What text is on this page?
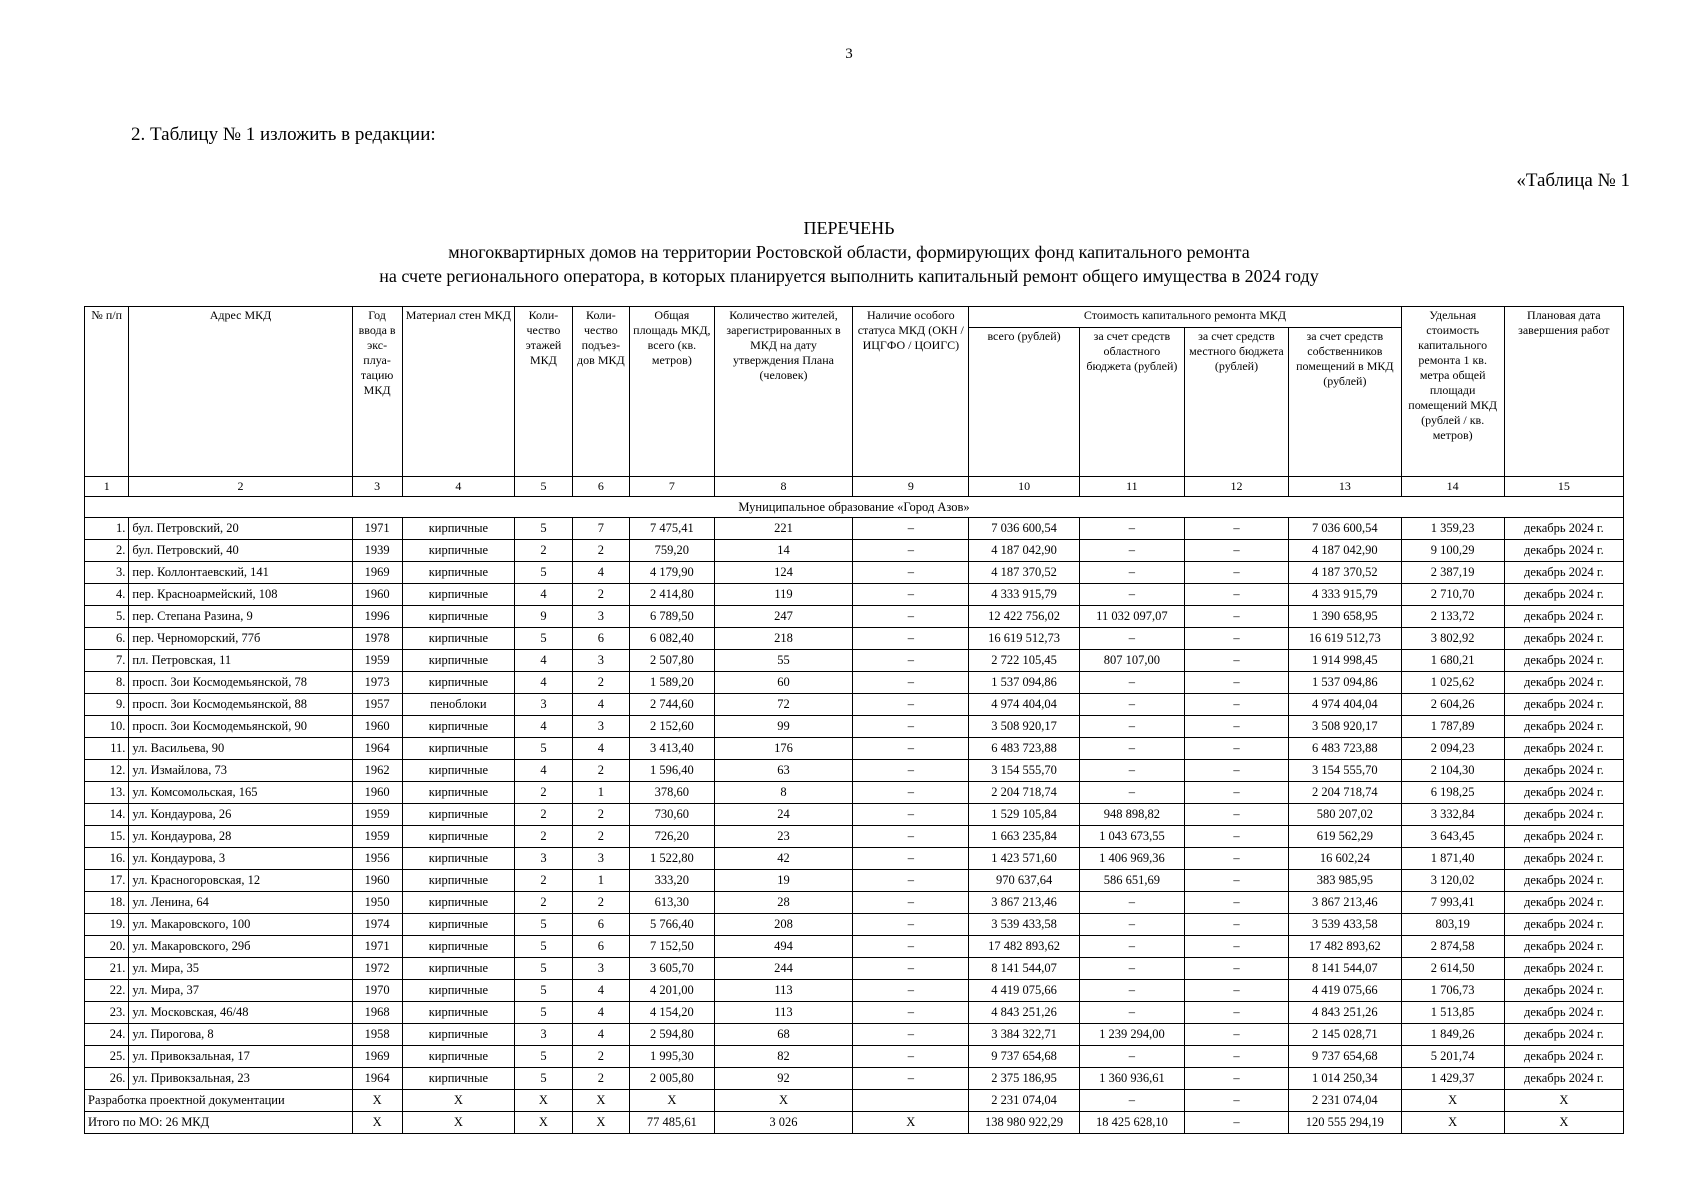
3
2. Таблицу № 1 изложить в редакции:
«Таблица № 1
ПЕРЕЧЕНЬ
многоквартирных домов на территории Ростовской области, формирующих фонд капитального ремонта
на счете регионального оператора, в которых планируется выполнить капитальный ремонт общего имущества в 2024 году
№ п/п	Адрес МКД	Год ввода в экс- плуа- тацию МКД	Материал стен МКД	Коли- чество этажей МКД	Коли- чество подъез- дов МКД	Общая площадь МКД, всего (кв. метров)	Количество жителей, зарегистрированных в МКД на дату утверждения Плана (человек)	Наличие особого статуса МКД (ОКН / ИЦГФО / ЦОИГС)	Стоимость капитального ремонта МКД				Удельная стоимость капитального ремонта 1 кв. метра общей площади помещений МКД (рублей / кв. метров)	Плановая дата завершения работ
									всего (рублей)	за счет средств областного бюджета (рублей)	за счет средств местного бюджета (рублей)	за счет средств собственников помещений в МКД (рублей)		
1	2	3	4	5	6	7	8	9	10	11	12	13	14	15
Муниципальное образование «Город Азов»														
1.	бул. Петровский, 20	1971	кирпичные	5	7	7 475,41	221	–	7 036 600,54	–	–	7 036 600,54	1 359,23	декабрь 2024 г.
2.	бул. Петровский, 40	1939	кирпичные	2	2	759,20	14	–	4 187 042,90	–	–	4 187 042,90	9 100,29	декабрь 2024 г.
3.	пер. Коллонтаевский, 141	1969	кирпичные	5	4	4 179,90	124	–	4 187 370,52	–	–	4 187 370,52	2 387,19	декабрь 2024 г.
4.	пер. Красноармейский, 108	1960	кирпичные	4	2	2 414,80	119	–	4 333 915,79	–	–	4 333 915,79	2 710,70	декабрь 2024 г.
5.	пер. Степана Разина, 9	1996	кирпичные	9	3	6 789,50	247	–	12 422 756,02	11 032 097,07	–	1 390 658,95	2 133,72	декабрь 2024 г.
6.	пер. Черноморский, 77б	1978	кирпичные	5	6	6 082,40	218	–	16 619 512,73	–	–	16 619 512,73	3 802,92	декабрь 2024 г.
7.	пл. Петровская, 11	1959	кирпичные	4	3	2 507,80	55	–	2 722 105,45	807 107,00	–	1 914 998,45	1 680,21	декабрь 2024 г.
8.	просп. Зои Космодемьянской, 78	1973	кирпичные	4	2	1 589,20	60	–	1 537 094,86	–	–	1 537 094,86	1 025,62	декабрь 2024 г.
9.	просп. Зои Космодемьянской, 88	1957	пеноблоки	3	4	2 744,60	72	–	4 974 404,04	–	–	4 974 404,04	2 604,26	декабрь 2024 г.
10.	просп. Зои Космодемьянской, 90	1960	кирпичные	4	3	2 152,60	99	–	3 508 920,17	–	–	3 508 920,17	1 787,89	декабрь 2024 г.
11.	ул. Васильева, 90	1964	кирпичные	5	4	3 413,40	176	–	6 483 723,88	–	–	6 483 723,88	2 094,23	декабрь 2024 г.
12.	ул. Измайлова, 73	1962	кирпичные	4	2	1 596,40	63	–	3 154 555,70	–	–	3 154 555,70	2 104,30	декабрь 2024 г.
13.	ул. Комсомольская, 165	1960	кирпичные	2	1	378,60	8	–	2 204 718,74	–	–	2 204 718,74	6 198,25	декабрь 2024 г.
14.	ул. Кондаурова, 26	1959	кирпичные	2	2	730,60	24	–	1 529 105,84	948 898,82	–	580 207,02	3 332,84	декабрь 2024 г.
15.	ул. Кондаурова, 28	1959	кирпичные	2	2	726,20	23	–	1 663 235,84	1 043 673,55	–	619 562,29	3 643,45	декабрь 2024 г.
16.	ул. Кондаурова, 3	1956	кирпичные	3	3	1 522,80	42	–	1 423 571,60	1 406 969,36	–	16 602,24	1 871,40	декабрь 2024 г.
17.	ул. Красногоровская, 12	1960	кирпичные	2	1	333,20	19	–	970 637,64	586 651,69	–	383 985,95	3 120,02	декабрь 2024 г.
18.	ул. Ленина, 64	1950	кирпичные	2	2	613,30	28	–	3 867 213,46	–	–	3 867 213,46	7 993,41	декабрь 2024 г.
19.	ул. Макаровского, 100	1974	кирпичные	5	6	5 766,40	208	–	3 539 433,58	–	–	3 539 433,58	803,19	декабрь 2024 г.
20.	ул. Макаровского, 29б	1971	кирпичные	5	6	7 152,50	494	–	17 482 893,62	–	–	17 482 893,62	2 874,58	декабрь 2024 г.
21.	ул. Мира, 35	1972	кирпичные	5	3	3 605,70	244	–	8 141 544,07	–	–	8 141 544,07	2 614,50	декабрь 2024 г.
22.	ул. Мира, 37	1970	кирпичные	5	4	4 201,00	113	–	4 419 075,66	–	–	4 419 075,66	1 706,73	декабрь 2024 г.
23.	ул. Московская, 46/48	1968	кирпичные	5	4	4 154,20	113	–	4 843 251,26	–	–	4 843 251,26	1 513,85	декабрь 2024 г.
24.	ул. Пирогова, 8	1958	кирпичные	3	4	2 594,80	68	–	3 384 322,71	1 239 294,00	–	2 145 028,71	1 849,26	декабрь 2024 г.
25.	ул. Привокзальная, 17	1969	кирпичные	5	2	1 995,30	82	–	9 737 654,68	–	–	9 737 654,68	5 201,74	декабрь 2024 г.
26.	ул. Привокзальная, 23	1964	кирпичные	5	2	2 005,80	92	–	2 375 186,95	1 360 936,61	–	1 014 250,34	1 429,37	декабрь 2024 г.
Разработка проектной документации		Х	Х	Х	Х	Х	Х		2 231 074,04	–	–	2 231 074,04	Х	Х
Итого по МО: 26 МКД		Х	Х	Х	Х	77 485,61	3 026	Х	138 980 922,29	18 425 628,10	–	120 555 294,19	Х	Х
